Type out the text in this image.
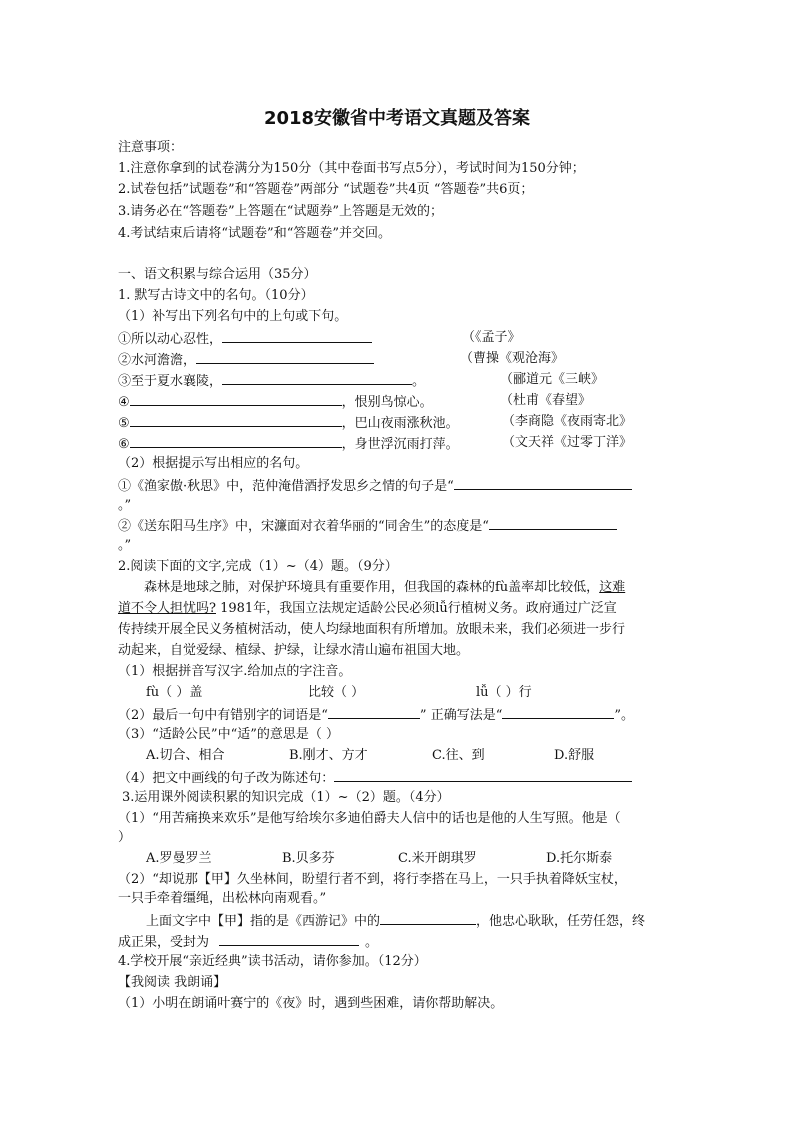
2018安徽省中考语文真题及答案
注意事项：
1.注意你拿到的试卷满分为150分（其中卷面书写点5分），考试时间为150分钟；
2.试卷包括”试题卷”和“答题卷”两部分 “试题卷”共4页 “答题卷”共6页；
3.请务必在“答题卷”上答题在“试题券”上答题是无效的；
4.考试结束后请将“试题卷”和“答题卷”并交回。
一、语文积累与综合运用（35分）
1. 默写古诗文中的名句。（10分）
（1）补写出下列名句中的上句或下句。
①所以动心忍性，	（《孟子》
②水河澹澹，	（曹操《观沧海》
③至于夏水襄陵，	。	（郦道元《三峡》
④	，恨别鸟惊心。	（杜甫《春望》
⑤	，巴山夜雨涨秋池。	（李商隐《夜雨寄北》
⑥	，身世浮沉雨打萍。	（文天祥《过零丁洋》
（2）根据提示写出相应的名句。
①《渔家傲·秋思》中，范仲淹借酒抒发思乡之情的句子是“
。”
②《送东阳马生序》中，宋濂面对衣着华丽的“同舍生”的态度是“
。”
2.阅读下面的文字,完成（1）~（4）题。（9分）
森林是地球之肺，对保护环境具有重要作用，但我国的森林的fù盖率却比较低，这难
道不令人担忧吗? 1981年，我国立法规定适龄公民必须lǚ行植树义务。政府通过广泛宣
传持续开展全民义务植树活动，使人均绿地面积有所增加。放眼未来，我们必须进一步行
动起来，自觉爱绿、植绿、护绿，让绿水清山遍布祖国大地。
（1）根据拼音写汉字.给加点的字注音。
fù（ ）盖	比较（ ）	lǚ（ ）行
（2）最后一句中有错别字的词语是“	” 正确写法是“	”。
（3）“适龄公民”中“适”的意思是（ ）
A.切合、相合	B.刚才、方才	C.往、到	D.舒服
（4）把文中画线的句子改为陈述句：
3.运用课外阅读积累的知识完成（1）~（2）题。（4分）
（1）“用苦痛换来欢乐”是他写给埃尔多迪伯爵夫人信中的话也是他的人生写照。他是（
）
A.罗曼罗兰	B.贝多芬	C.米开朗琪罗	D.托尔斯泰
（2）“却说那【甲】久坐林间，盼望行者不到，将行李搭在马上，一只手执着降妖宝杖，
一只手牵着缰绳，出松林向南观看。”
上面文字中【甲】指的是《西游记》中的	，他忠心耿耿，任劳任怨，终
成正果，受封为	。
4.学校开展“亲近经典”读书活动，请你参加。（12分）
【我阅读 我朗诵】
（1）小明在朗诵叶赛宁的《夜》时，遇到些困难，请你帮助解决。
